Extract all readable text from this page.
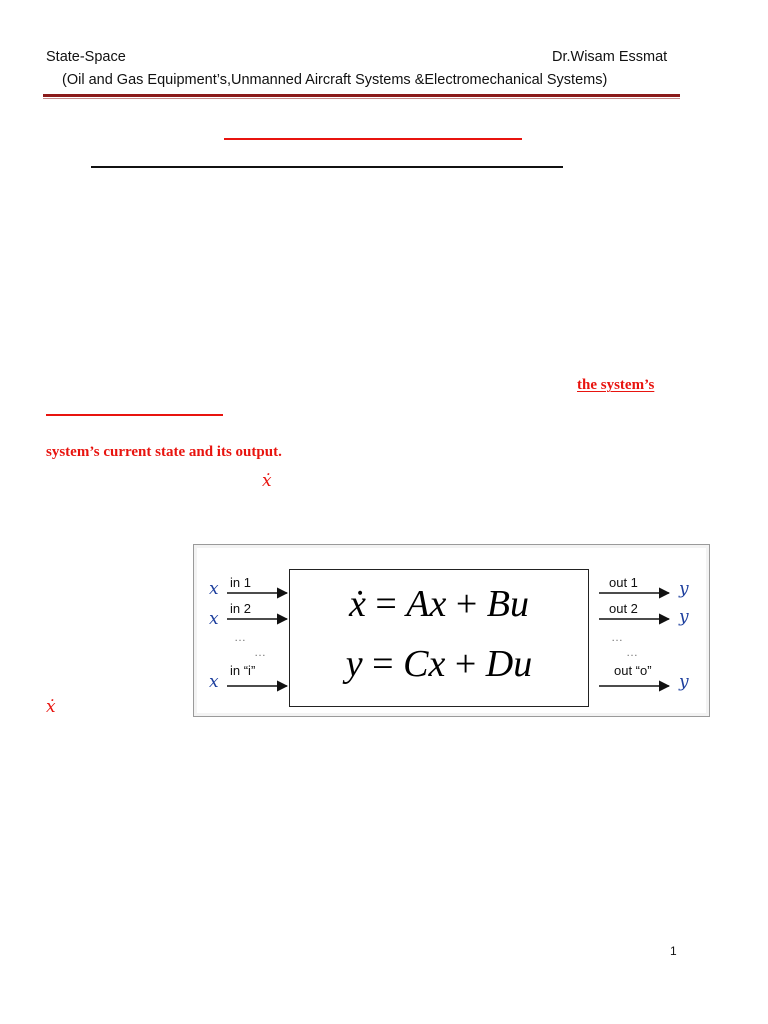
State-Space	Dr.Wisam Essmat
(Oil and Gas Equipment’s,Unmanned Aircraft Systems &Electromechanical Systems)
the system’s
system’s current state and its output.
ẋ
ẋ
x in 1
x
in 2
…
…
x
in “i”
ẋ = Ax + Bu
y = Cx + Du
out 1 y
out 2 y
…
…
out “o”
y
1
